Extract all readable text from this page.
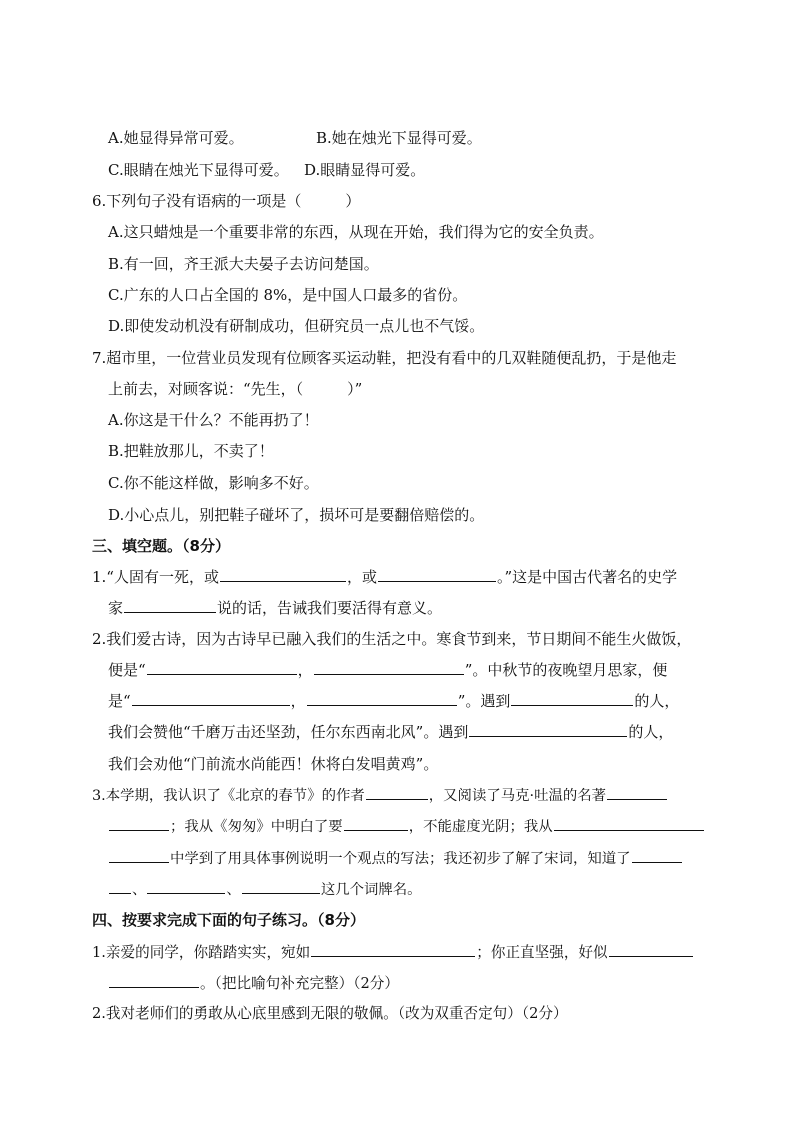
A.她显得异常可爱。	B.她在烛光下显得可爱。
C.眼睛在烛光下显得可爱。 D.眼睛显得可爱。
6.下列句子没有语病的一项是（	）
A.这只蜡烛是一个重要非常的东西，从现在开始，我们得为它的安全负责。
B.有一回，齐王派大夫晏子去访问楚国。
C.广东的人口占全国的 8%，是中国人口最多的省份。
D.即使发动机没有研制成功，但研究员一点儿也不气馁。
7.超市里，一位营业员发现有位顾客买运动鞋，把没有看中的几双鞋随便乱扔，于是他走
上前去，对顾客说：“先生，（	）”
A.你这是干什么？不能再扔了！
B.把鞋放那儿，不卖了！
C.你不能这样做，影响多不好。
D.小心点儿，别把鞋子碰坏了，损坏可是要翻倍赔偿的。
三、填空题。（8分）
1.“人固有一死，或	，或	。”这是中国古代著名的史学
家	说的话，告诫我们要活得有意义。
2.我们爱古诗，因为古诗早已融入我们的生活之中。寒食节到来，节日期间不能生火做饭，
便是“	，	”。中秋节的夜晚望月思家，便
是“	，	”。遇到	的人，
我们会赞他“千磨万击还坚劲，任尔东西南北风”。遇到	的人，
我们会劝他“门前流水尚能西！休将白发唱黄鸡”。
3.本学期，我认识了《北京的春节》的作者	，又阅读了马克·吐温的名著
；我从《匆匆》中明白了要	，不能虚度光阴；我从
中学到了用具体事例说明一个观点的写法；我还初步了解了宋词，知道了
、	、	这几个词牌名。
四、按要求完成下面的句子练习。（8分）
1.亲爱的同学，你踏踏实实，宛如	；你正直坚强，好似
。（把比喻句补充完整）（2分）
2.我对老师们的勇敢从心底里感到无限的敬佩。（改为双重否定句）（2分）
